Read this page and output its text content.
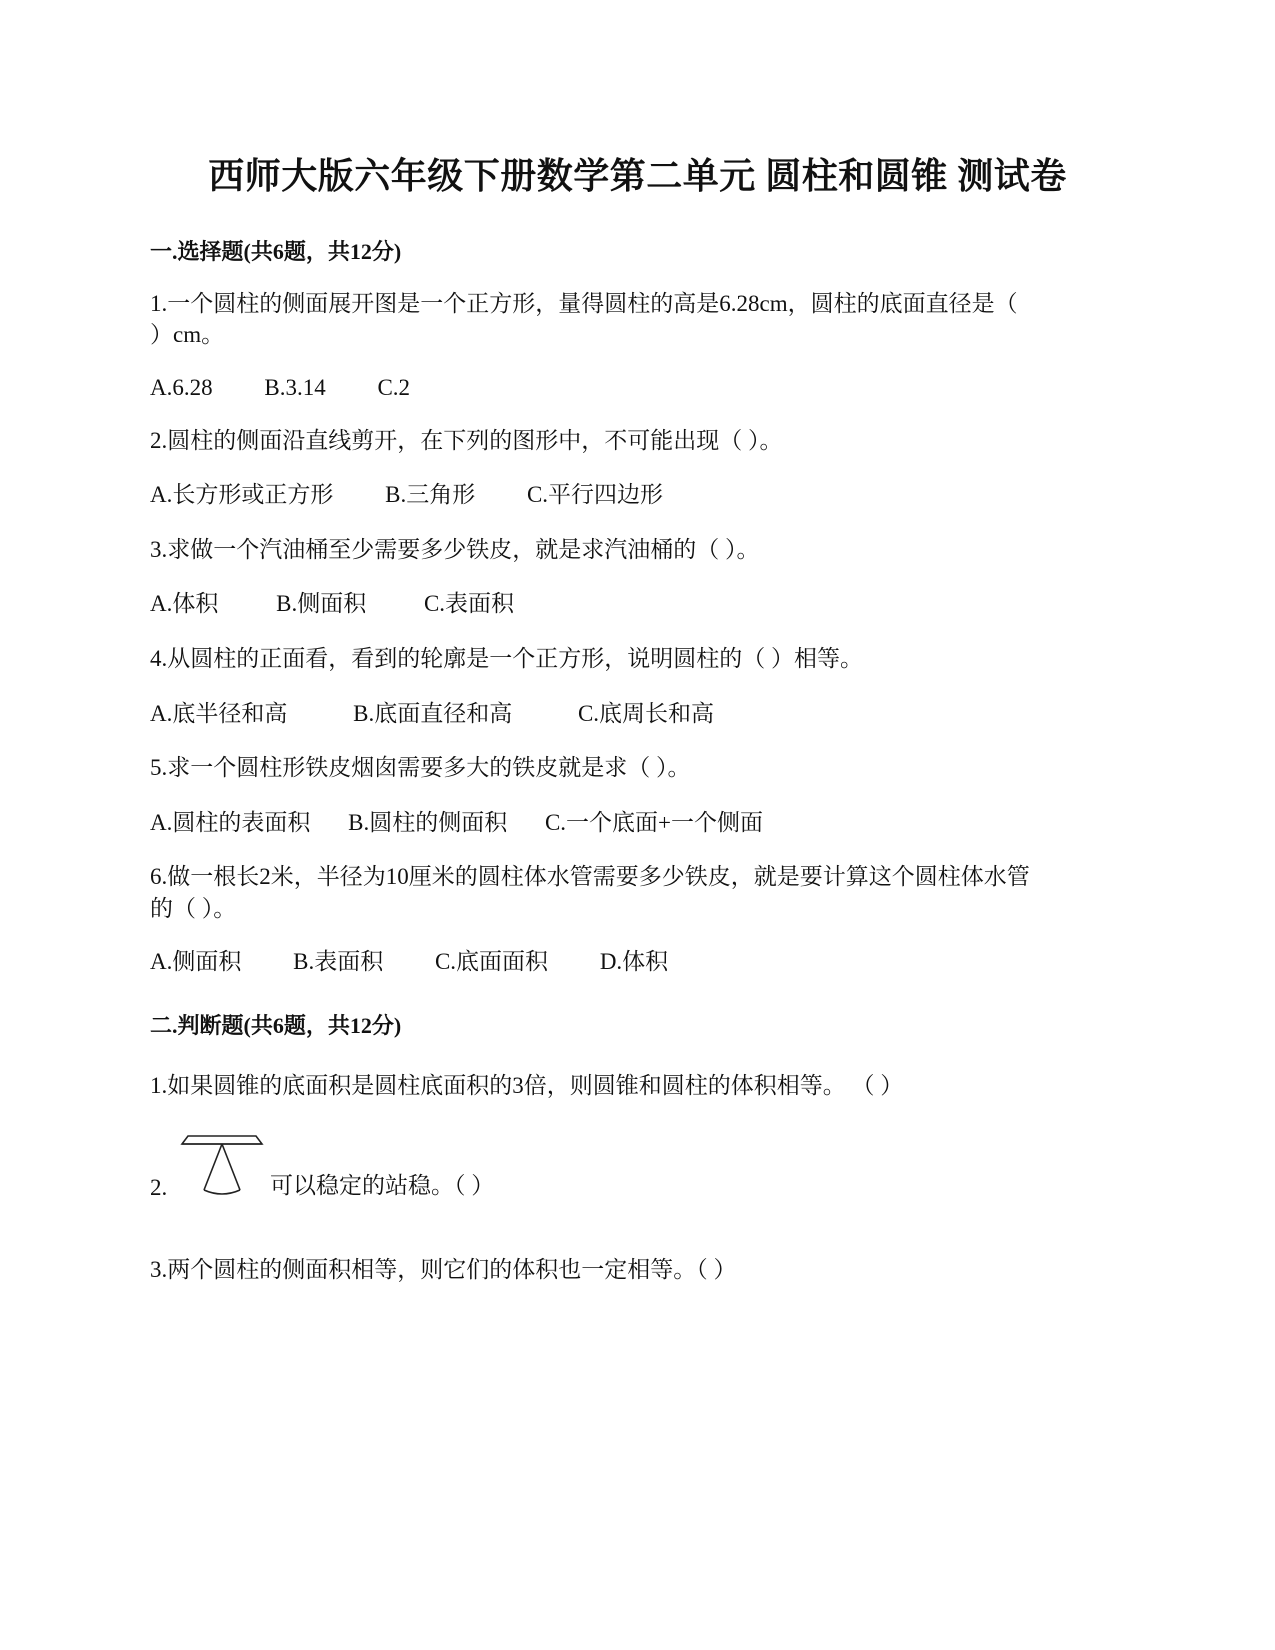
西师大版六年级下册数学第二单元 圆柱和圆锥 测试卷
一.选择题(共6题，共12分)
1.一个圆柱的侧面展开图是一个正方形，量得圆柱的高是6.28cm，圆柱的底面直径是（
）cm。
A.6.28 B.3.14 C.2
2.圆柱的侧面沿直线剪开，在下列的图形中，不可能出现（ ）。
A.长方形或正方形 B.三角形 C.平行四边形
3.求做一个汽油桶至少需要多少铁皮，就是求汽油桶的（ ）。
A.体积	B.侧面积	C.表面积
4.从圆柱的正面看，看到的轮廓是一个正方形，说明圆柱的（ ）相等。
A.底半径和高	B.底面直径和高	C.底周长和高
5.求一个圆柱形铁皮烟囱需要多大的铁皮就是求（ ）。
A.圆柱的表面积 B.圆柱的侧面积 C.一个底面+一个侧面
6.做一根长2米，半径为10厘米的圆柱体水管需要多少铁皮，就是要计算这个圆柱体水管
的（ ）。
A.侧面积 B.表面积 C.底面面积 D.体积
二.判断题(共6题，共12分)
1.如果圆锥的底面积是圆柱底面积的3倍，则圆锥和圆柱的体积相等。 （ ）
2.	可以稳定的站稳。（ ）
3.两个圆柱的侧面积相等，则它们的体积也一定相等。（ ）
